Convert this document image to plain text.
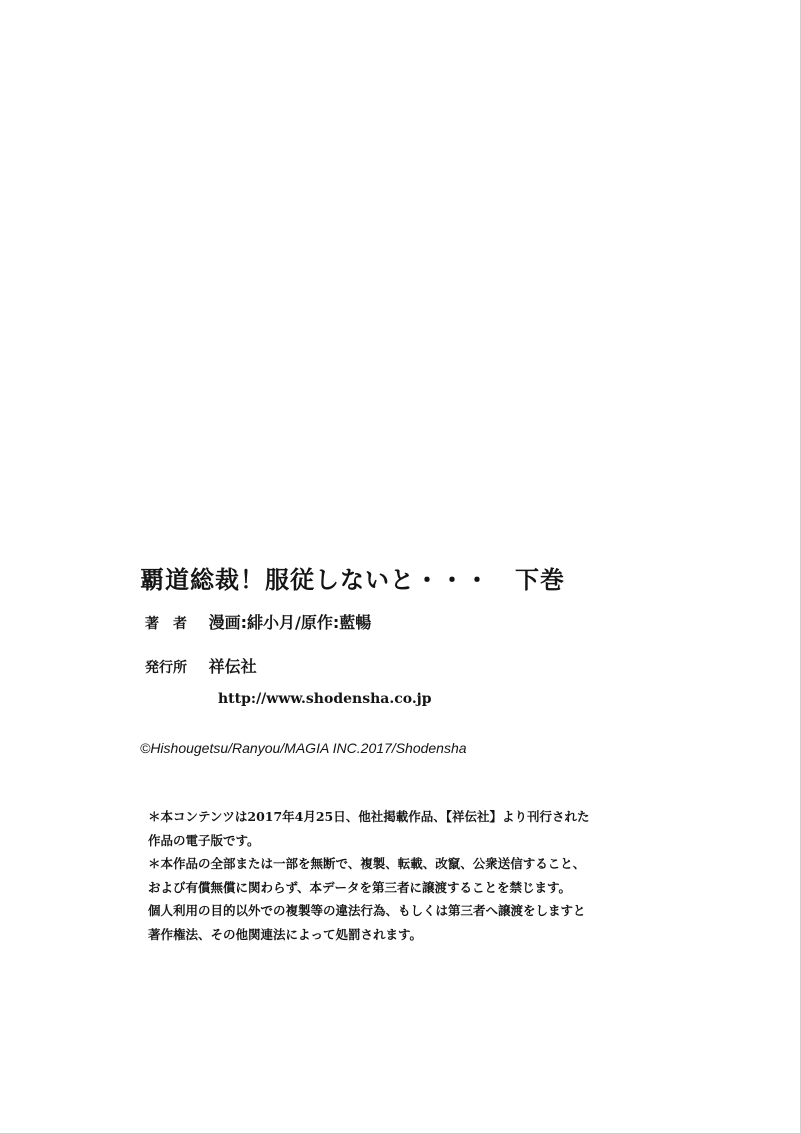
覇道総裁！服従しないと・・・　下巻
著者 漫画:緋小月/原作:藍暢
発行所 祥伝社
http://www.shodensha.co.jp
©Hishougetsu/Ranyou/MAGIA INC.2017/Shodensha

＊本コンテンツは2017年4月25日、他社掲載作品、【祥伝社】より刊行された

作品の電子版です。

＊本作品の全部または一部を無断で、複製、転載、改竄、公衆送信すること、

および有償無償に関わらず、本データを第三者に譲渡することを禁じます。

個人利用の目的以外での複製等の違法行為、もしくは第三者へ譲渡をしますと

著作権法、その他関連法によって処罰されます。
